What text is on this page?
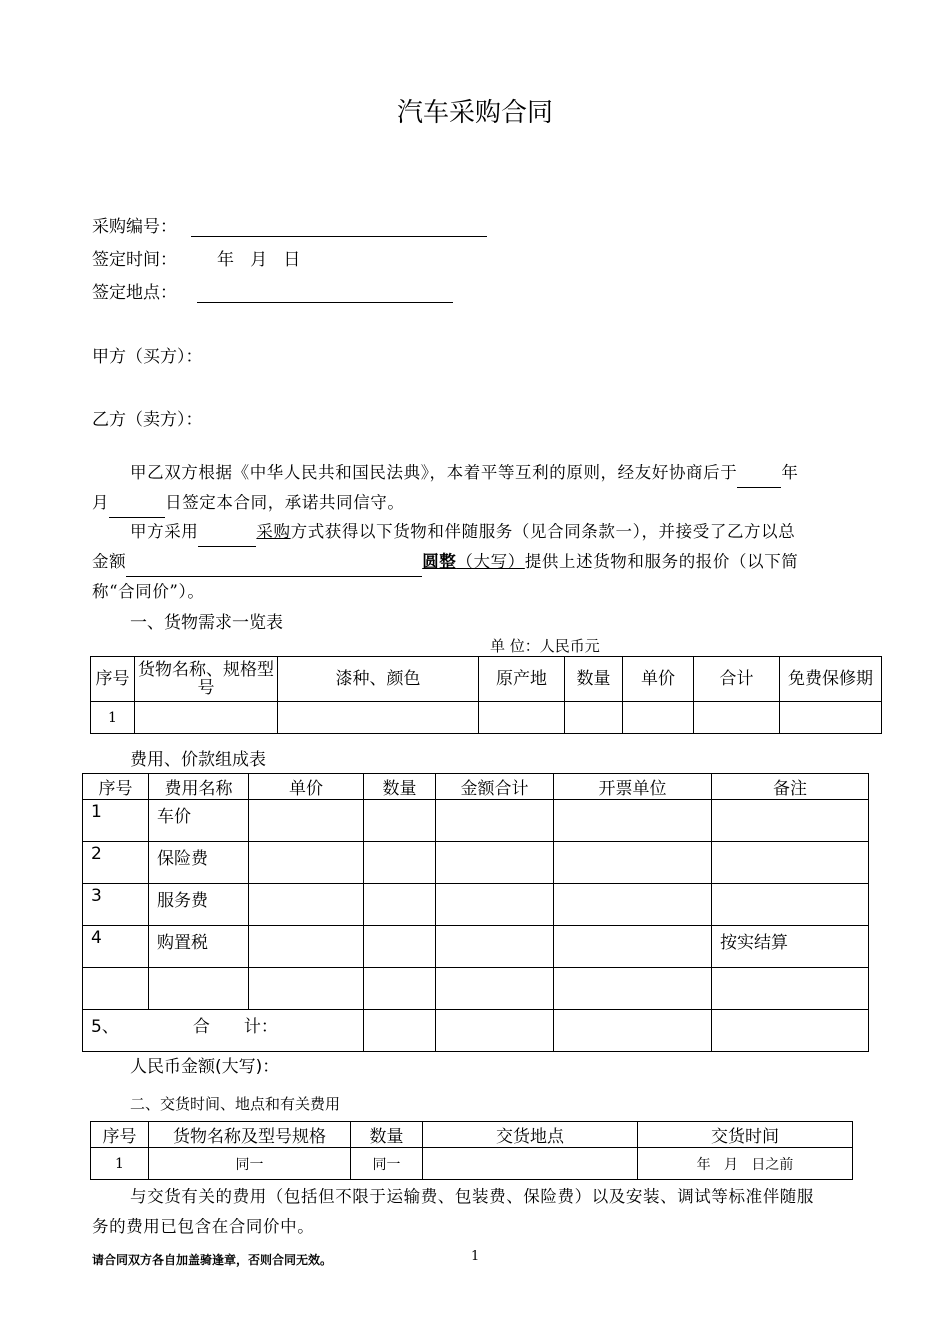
汽车采购合同
采购编号：
签定时间： 年   月   日
签定地点：
甲方（买方）：
乙方（卖方）：
甲乙双方根据《中华人民共和国民法典》，本着平等互利的原则，经友好协商后于	年
月	日签定本合同，承诺共同信守。
甲方采用	采购方式获得以下货物和伴随服务（见合同条款一），并接受了乙方以总
金额	圆整（大写）提供上述货物和服务的报价（以下简
称“合同价”）。
一、货物需求一览表
单 位：人民币元
序号	货物名称、规格型号	漆种、颜色	原产地	数量	单价	合计	免费保修期
1							
费用、价款组成表
序号	费用名称	单价	数量	金额合计	开票单位	备注
1	车价					
2	保险费					
3	服务费					
4	购置税					按实结算

5、 合　　计：						
人民币金额(大写)：
二、交货时间、地点和有关费用
序号	货物名称及型号规格	数量	交货地点	交货时间
1	同一	同一		年   月   日之前
与交货有关的费用（包括但不限于运输费、包装费、保险费）以及安装、调试等标准伴随服
务的费用已包含在合同价中。
请合同双方各自加盖骑逢章，否则合同无效。	1
